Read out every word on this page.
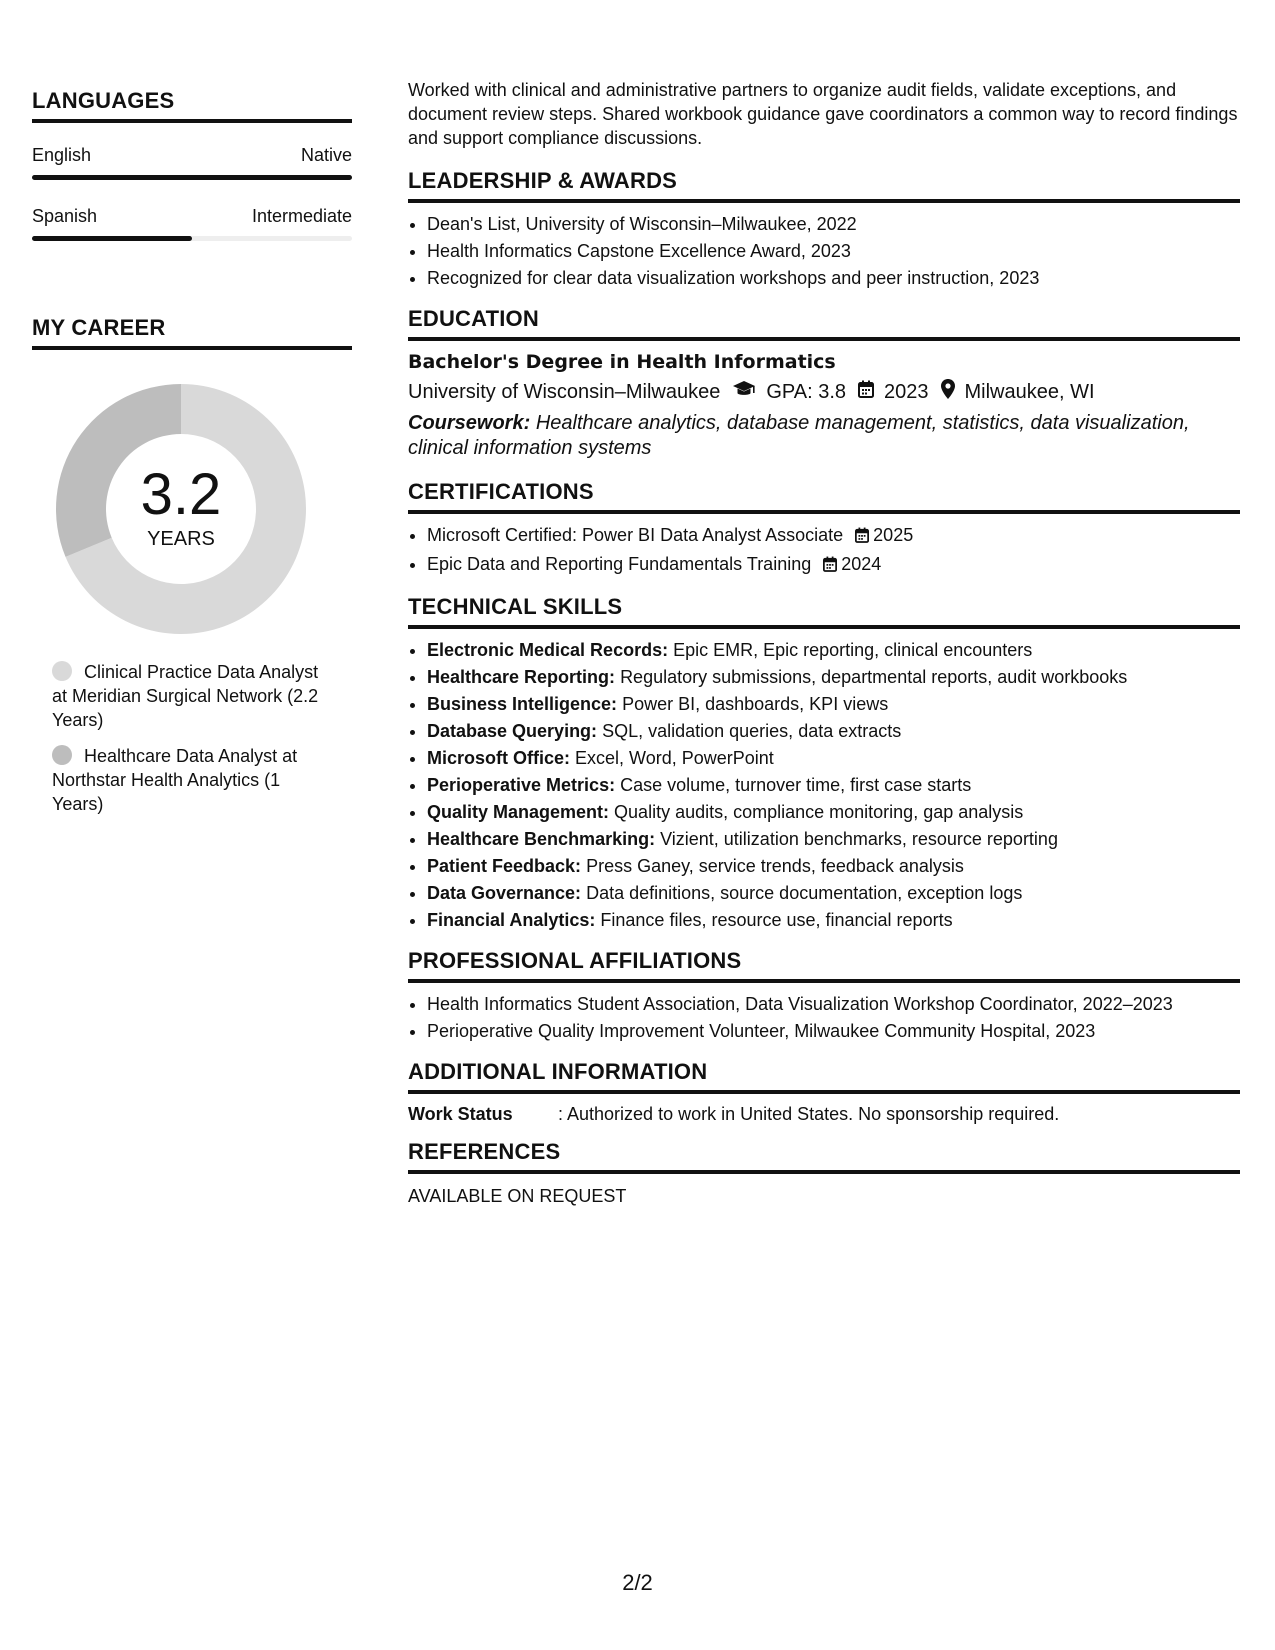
LANGUAGES
English	Native
Spanish	Intermediate
MY CAREER
3.2
YEARS
Clinical Practice Data Analyst at Meridian Surgical Network (2.2 Years)
Healthcare Data Analyst at Northstar Health Analytics (1 Years)

Worked with clinical and administrative partners to organize audit fields, validate exceptions, and document review steps. Shared workbook guidance gave coordinators a common way to record findings and support compliance discussions.

LEADERSHIP & AWARDS
• Dean's List, University of Wisconsin–Milwaukee, 2022
• Health Informatics Capstone Excellence Award, 2023
• Recognized for clear data visualization workshops and peer instruction, 2023
EDUCATION
Bachelor's Degree in Health Informatics
University of Wisconsin–Milwaukee GPA: 3.8 2023 Milwaukee, WI
Coursework: Healthcare analytics, database management, statistics, data visualization, clinical information systems
CERTIFICATIONS
• Microsoft Certified: Power BI Data Analyst Associate 2025
• Epic Data and Reporting Fundamentals Training 2024
TECHNICAL SKILLS
• Electronic Medical Records: Epic EMR, Epic reporting, clinical encounters
• Healthcare Reporting: Regulatory submissions, departmental reports, audit workbooks
• Business Intelligence: Power BI, dashboards, KPI views
• Database Querying: SQL, validation queries, data extracts
• Microsoft Office: Excel, Word, PowerPoint
• Perioperative Metrics: Case volume, turnover time, first case starts
• Quality Management: Quality audits, compliance monitoring, gap analysis
• Healthcare Benchmarking: Vizient, utilization benchmarks, resource reporting
• Patient Feedback: Press Ganey, service trends, feedback analysis
• Data Governance: Data definitions, source documentation, exception logs
• Financial Analytics: Finance files, resource use, financial reports
PROFESSIONAL AFFILIATIONS
• Health Informatics Student Association, Data Visualization Workshop Coordinator, 2022–2023
• Perioperative Quality Improvement Volunteer, Milwaukee Community Hospital, 2023
ADDITIONAL INFORMATION
Work Status	: Authorized to work in United States. No sponsorship required.
REFERENCES
AVAILABLE ON REQUEST
2/2
